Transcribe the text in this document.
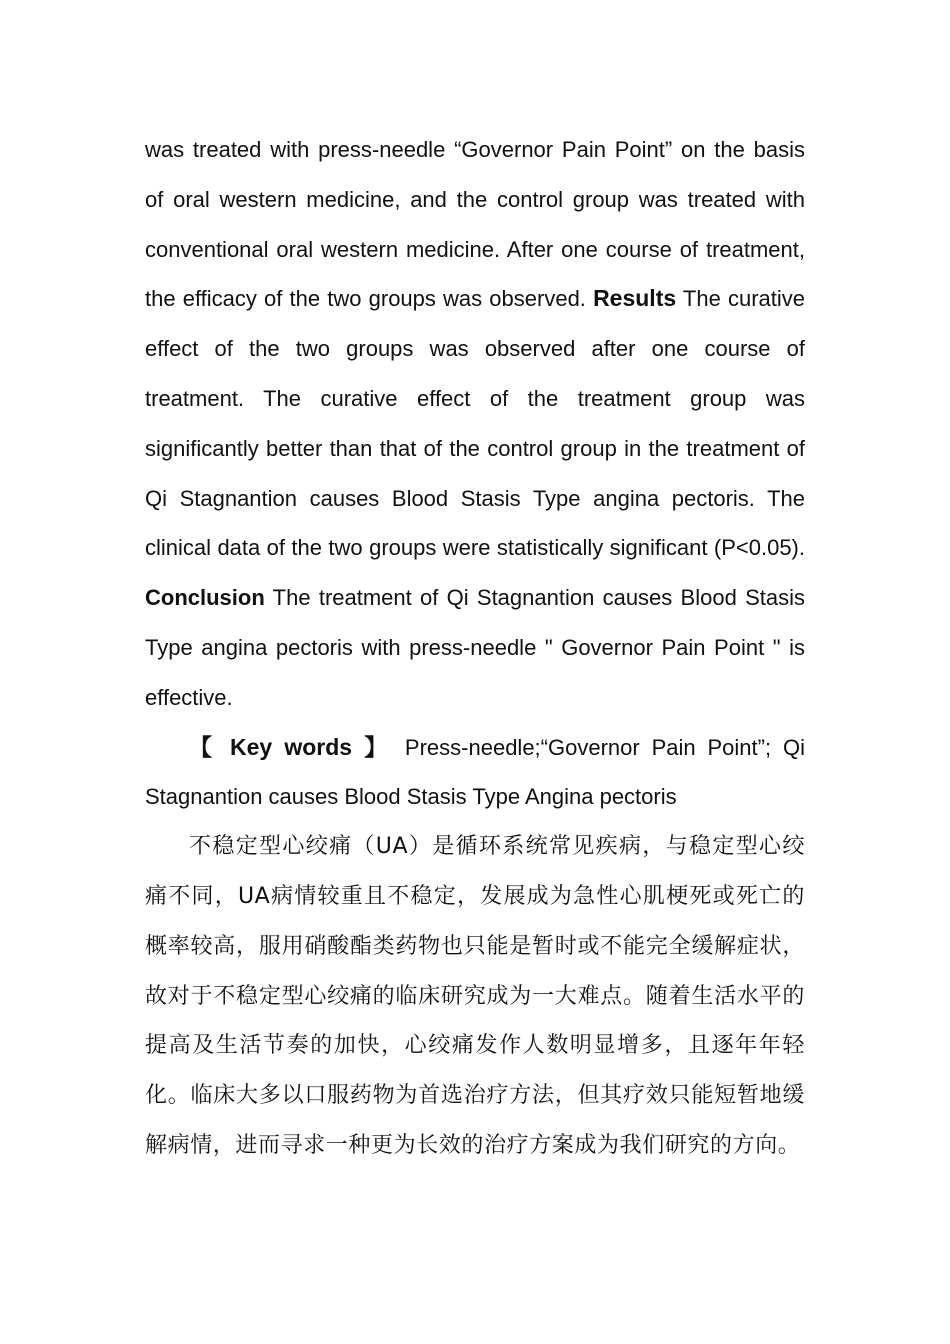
was treated with press-needle “Governor Pain Point” on the basis of oral western medicine, and the control group was treated with conventional oral western medicine. After one course of treatment, the efficacy of the two groups was observed. Results The curative effect of the two groups was observed after one course of treatment. The curative effect of the treatment group was significantly better than that of the control group in the treatment of Qi Stagnantion causes Blood Stasis Type angina pectoris. The clinical data of the two groups were statistically significant (P<0.05). Conclusion The treatment of Qi Stagnantion causes Blood Stasis Type angina pectoris with press-needle " Governor Pain Point " is effective.

【 Key words 】 Press-needle;“Governor Pain Point”; Qi Stagnantion causes Blood Stasis Type Angina pectoris

不稳定型心绞痛（UA）是循环系统常见疾病，与稳定型心绞痛不同，UA病情较重且不稳定，发展成为急性心肌梗死或死亡的概率较高，服用硝酸酯类药物也只能是暂时或不能完全缓解症状，故对于不稳定型心绞痛的临床研究成为一大难点。随着生活水平的提高及生活节奏的加快，心绞痛发作人数明显增多，且逐年年轻化。临床大多以口服药物为首选治疗方法，但其疗效只能短暂地缓解病情，进而寻求一种更为长效的治疗方案成为我们研究的方向。
